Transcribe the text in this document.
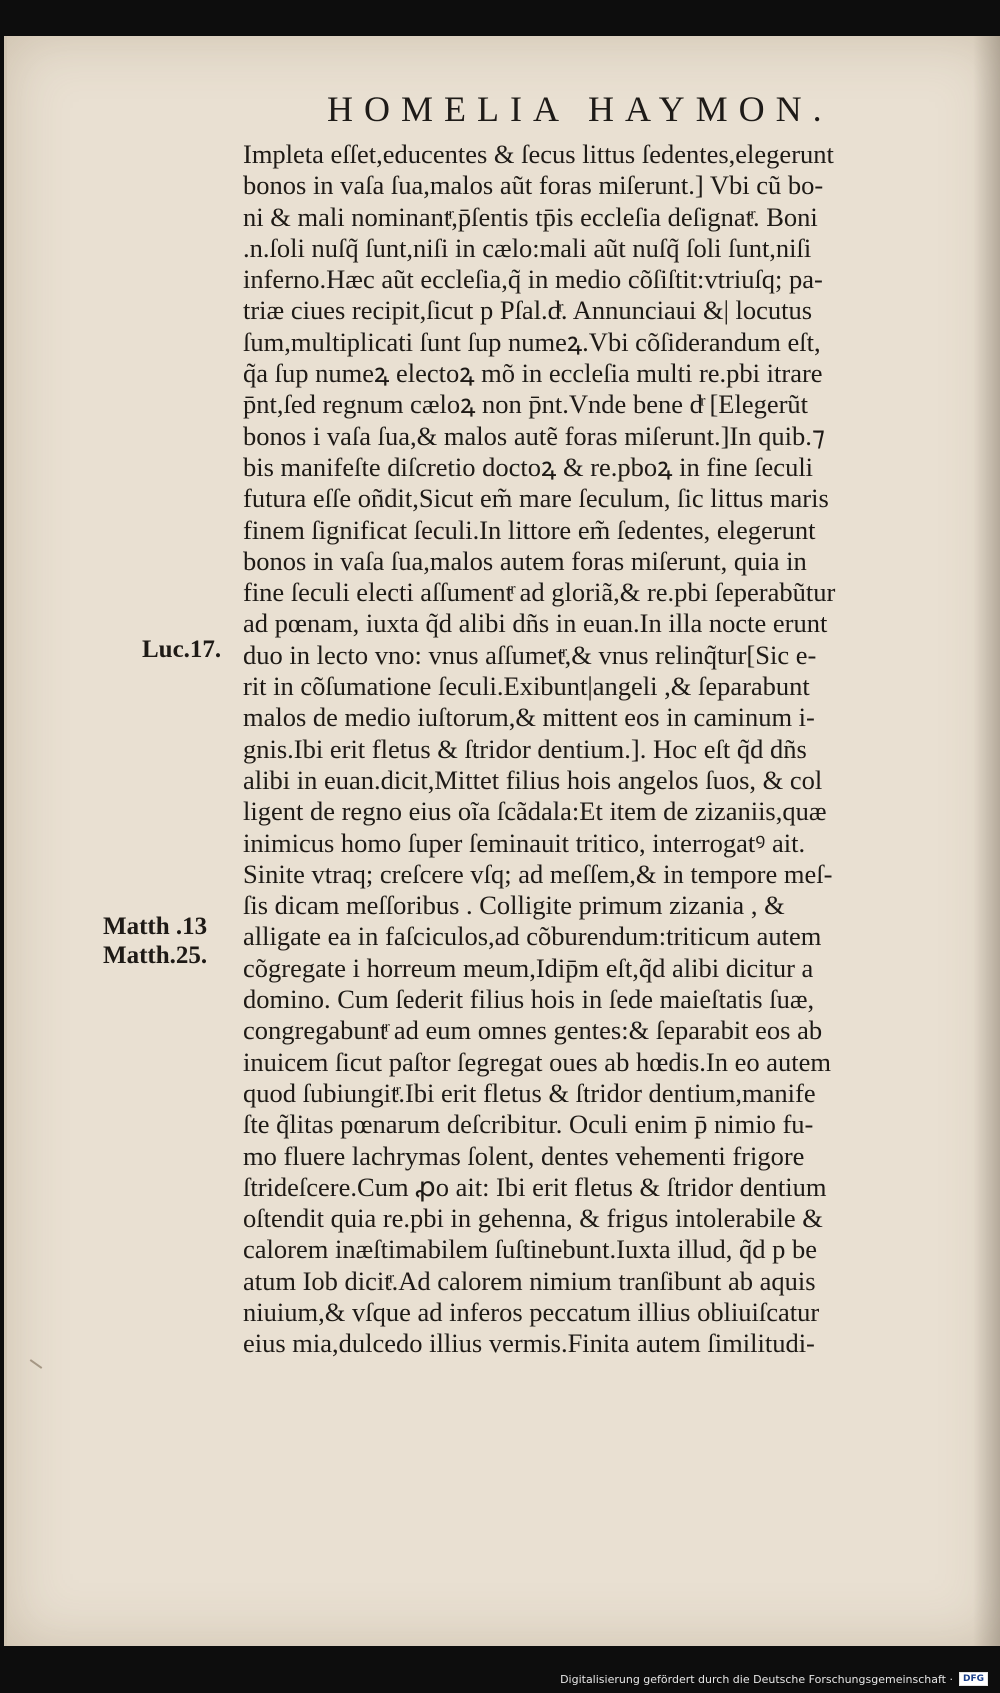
HOMELIA HAYMON.
Impleta eſſet,educentes & ſecus littus ſedentes,elegerunt
bonos in vaſa ſua,malos aũt foras miſerunt.] Vbi cũ bo-
ni & mali nominantͬ,p̄ſentis tp̄is eccleſia deſignatͬ. Boni
.n.ſoli nuſq̃ ſunt,niſi in cælo:mali aũt nuſq̃ ſoli ſunt,niſi
inferno.Hæc aũt eccleſia,q̃ in medio cõſiſtit:vtriuſq; pa-
triæ ciues recipit,ſicut p Pſal.dͬ. Annunciaui &| locutus
ſum,multiplicati ſunt ſup numeꝝ.Vbi cõſiderandum eſt,
q̃a ſup numeꝝ electoꝝ mõ in eccleſia multi re.pbi itrare
p̄nt,ſed regnum cæloꝝ non p̄nt.Vnde bene dͬ [Elegerũt
bonos i vaſa ſua,& malos autẽ foras miſerunt.]In quib.⁊
bis manifeſte diſcretio doctoꝝ & re.pboꝝ in fine ſeculi
futura eſſe oñdit,Sicut em̃ mare ſeculum, ſic littus maris
finem ſignificat ſeculi.In littore em̃ ſedentes, elegerunt
bonos in vaſa ſua,malos autem foras miſerunt, quia in
fine ſeculi electi aſſumentͬ ad gloriã,& re.pbi ſeperabũtur
ad pœnam, iuxta q̃d alibi dñs in euan.In illa nocte erunt
duo in lecto vno: vnus aſſumetͬ,& vnus relinq̃tur[Sic e-
rit in cõſumatione ſeculi.Exibunt|angeli ,& ſeparabunt
malos de medio iuſtorum,& mittent eos in caminum i-
gnis.Ibi erit fletus & ſtridor dentium.]. Hoc eſt q̃d dñs
alibi in euan.dicit,Mittet filius hois angelos ſuos, & col
ligent de regno eius oĩa ſcãdala:Et item de zizaniis,quæ
inimicus homo ſuper ſeminauit tritico, interrogatꝰ ait.
Sinite vtraq; creſcere vſq; ad meſſem,& in tempore meſ-
ſis dicam meſſoribus . Colligite primum zizania , &
alligate ea in faſciculos,ad cõburendum:triticum autem
cõgregate i horreum meum,Idip̄m eſt,q̃d alibi dicitur a
domino. Cum ſederit filius hois in ſede maieſtatis ſuæ,
congregabuntͬ ad eum omnes gentes:& ſeparabit eos ab
inuicem ſicut paſtor ſegregat oues ab hœdis.In eo autem
quod ſubiungitͬ.Ibi erit fletus & ſtridor dentium,manife
ſte q̃litas pœnarum deſcribitur. Oculi enim p̄ nimio fu-
mo fluere lachrymas ſolent, dentes vehementi frigore
ſtrideſcere.Cum ꝓo ait: Ibi erit fletus & ſtridor dentium
oſtendit quia re.pbi in gehenna, & frigus intolerabile &
calorem inæſtimabilem ſuſtinebunt.Iuxta illud, q̃d p be
atum Iob dicitͬ.Ad calorem nimium tranſibunt ab aquis
niuium,& vſque ad inferos peccatum illius obliuiſcatur
eius mia,dulcedo illius vermis.Finita autem ſimilitudi-
Luc.17.
Matth .13
Matth.25.
Digitalisierung gefördert durch die Deutsche Forschungsgemeinschaft ·	DFG
